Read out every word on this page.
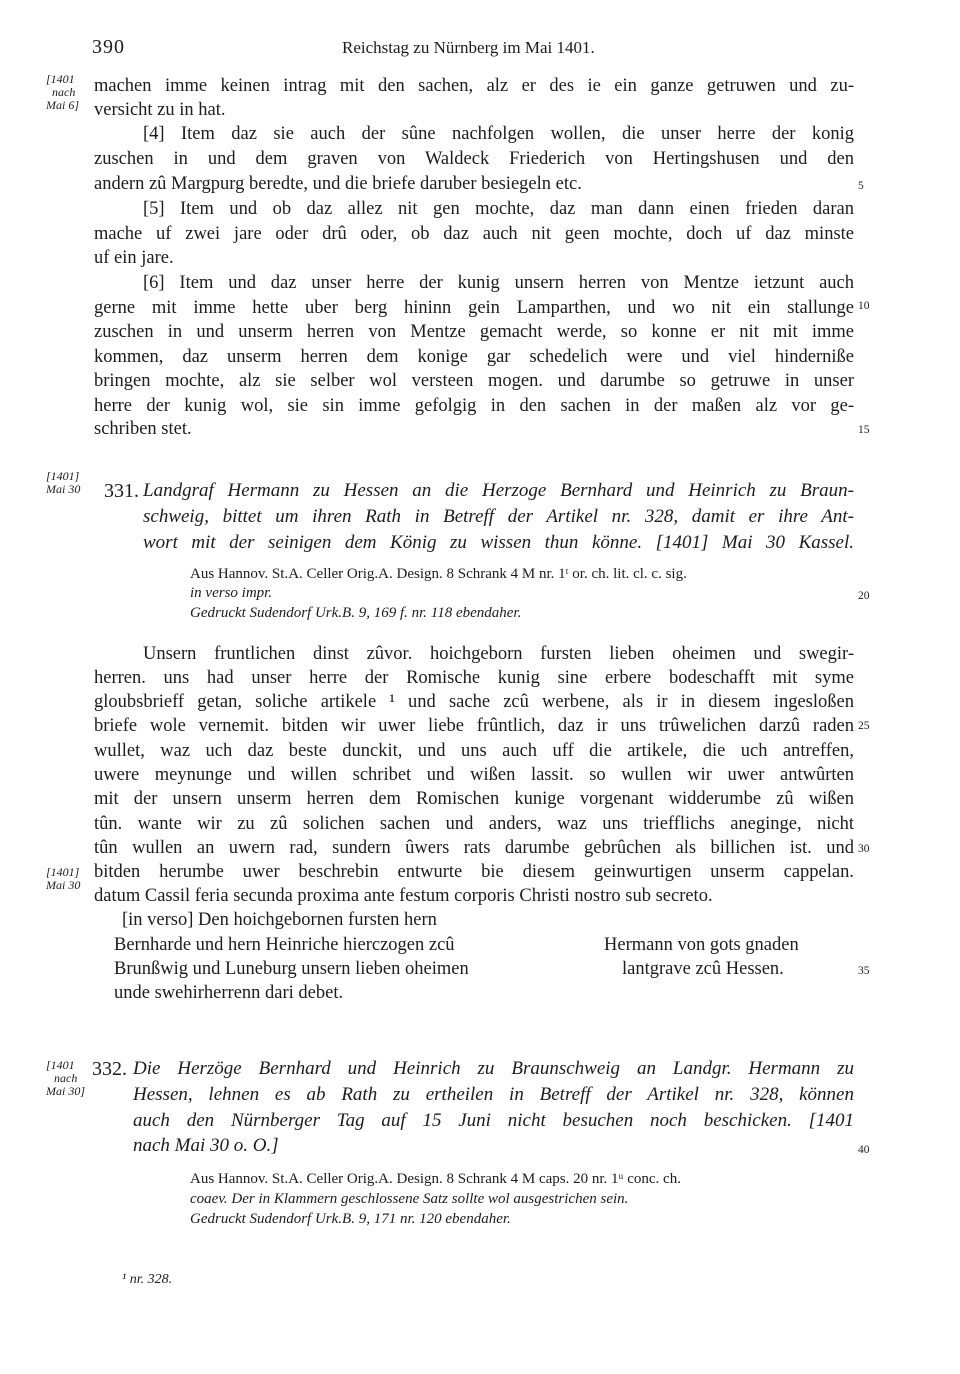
390	Reichstag zu Nürnberg im Mai 1401.
[1401
nach
Mai 6]
[1401]
Mai 30
[1401]
Mai 30
[1401
nach
Mai 30]
5
10
15
20
25
30
35
40
machen imme keinen intrag mit den sachen, alz er des ie ein ganze getruwen und zu-
versicht zu in hat.
[4] Item daz sie auch der sûne nachfolgen wollen, die unser herre der konig
zuschen in und dem graven von Waldeck Friederich von Hertingshusen und den
andern zû Margpurg beredte, und die briefe daruber besiegeln etc.
[5] Item und ob daz allez nit gen mochte, daz man dann einen frieden daran
mache uf zwei jare oder drû oder, ob daz auch nit geen mochte, doch uf daz minste
uf ein jare.
[6] Item und daz unser herre der kunig unsern herren von Mentze ietzunt auch
gerne mit imme hette uber berg hininn gein Lamparthen, und wo nit ein stallunge
zuschen in und unserm herren von Mentze gemacht werde, so konne er nit mit imme
kommen, daz unserm herren dem konige gar schedelich were und viel hinderniße
bringen mochte, alz sie selber wol versteen mogen. und darumbe so getruwe in unser
herre der kunig wol, sie sin imme gefolgig in den sachen in der maßen alz vor ge-
schriben stet.
331. Landgraf Hermann zu Hessen an die Herzoge Bernhard und Heinrich zu Braun-
schweig, bittet um ihren Rath in Betreff der Artikel nr. 328, damit er ihre Ant-
wort mit der seinigen dem König zu wissen thun könne. [1401] Mai 30 Kassel.
Aus Hannov. St.A. Celler Orig.A. Design. 8 Schrank 4 M nr. 1ᵗ or. ch. lit. cl. c. sig.
in verso impr.
Gedruckt Sudendorf Urk.B. 9, 169 f. nr. 118 ebendaher.
Unsern fruntlichen dinst zûvor. hoichgeborn fursten lieben oheimen und swegir-
herren. uns had unser herre der Romische kunig sine erbere bodeschafft mit syme
gloubsbrieff getan, soliche artikele ¹ und sache zcû werbene, als ir in diesem ingesloßen
briefe wole vernemit. bitden wir uwer liebe frûntlich, daz ir uns trûwelichen darzû raden
wullet, waz uch daz beste dunckit, und uns auch uff die artikele, die uch antreffen,
uwere meynunge und willen schribet und wißen lassit. so wullen wir uwer antwûrten
mit der unsern unserm herren dem Romischen kunige vorgenant widderumbe zû wißen
tûn. wante wir zu zû solichen sachen und anders, waz uns triefflichs aneginge, nicht
tûn wullen an uwern rad, sundern ûwers rats darumbe gebrûchen als billichen ist. und
bitden herumbe uwer beschrebin entwurte bie diesem geinwurtigen unserm cappelan.
datum Cassil feria secunda proxima ante festum corporis Christi nostro sub secreto.
[in verso] Den hoichgebornen fursten hern
Bernharde und hern Heinriche hierczogen zcû
Brunßwig und Luneburg unsern lieben oheimen
unde swehirherrenn dari debet.
Hermann von gots gnaden
lantgrave zcû Hessen.
332. Die Herzöge Bernhard und Heinrich zu Braunschweig an Landgr. Hermann zu
Hessen, lehnen es ab Rath zu ertheilen in Betreff der Artikel nr. 328, können
auch den Nürnberger Tag auf 15 Juni nicht besuchen noch beschicken. [1401
nach Mai 30 o. O.]
Aus Hannov. St.A. Celler Orig.A. Design. 8 Schrank 4 M caps. 20 nr. 1ᵘ conc. ch.
coaev. Der in Klammern geschlossene Satz sollte wol ausgestrichen sein.
Gedruckt Sudendorf Urk.B. 9, 171 nr. 120 ebendaher.
¹ nr. 328.
